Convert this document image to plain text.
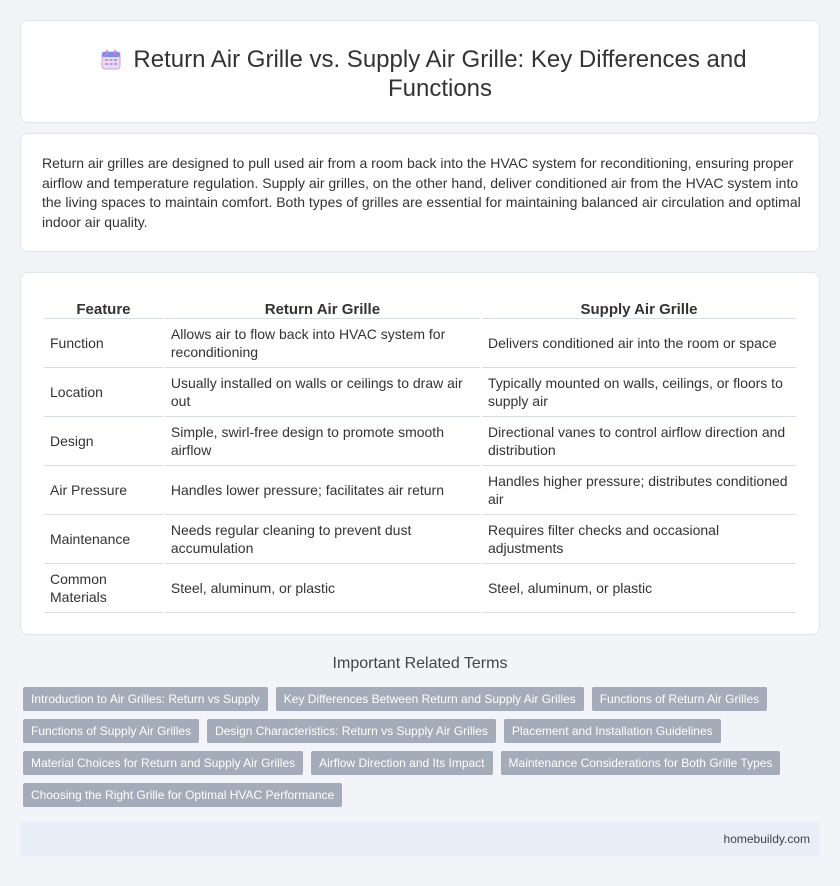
Return Air Grille vs. Supply Air Grille: Key Differences and Functions

Return air grilles are designed to pull used air from a room back into the HVAC system for reconditioning, ensuring proper airflow and temperature regulation. Supply air grilles, on the other hand, deliver conditioned air from the HVAC system into the living spaces to maintain comfort. Both types of grilles are essential for maintaining balanced air circulation and optimal indoor air quality.

Feature	Return Air Grille	Supply Air Grille
Function	Allows air to flow back into HVAC system for reconditioning	Delivers conditioned air into the room or space
Location	Usually installed on walls or ceilings to draw air out	Typically mounted on walls, ceilings, or floors to supply air
Design	Simple, swirl-free design to promote smooth airflow	Directional vanes to control airflow direction and distribution
Air Pressure	Handles lower pressure; facilitates air return	Handles higher pressure; distributes conditioned air
Maintenance	Needs regular cleaning to prevent dust accumulation	Requires filter checks and occasional adjustments
Common Materials	Steel, aluminum, or plastic	Steel, aluminum, or plastic
Important Related Terms
Introduction to Air Grilles: Return vs Supply	Key Differences Between Return and Supply Air Grilles	Functions of Return Air Grilles
Functions of Supply Air Grilles	Design Characteristics: Return vs Supply Air Grilles	Placement and Installation Guidelines
Material Choices for Return and Supply Air Grilles	Airflow Direction and Its Impact	Maintenance Considerations for Both Grille Types
Choosing the Right Grille for Optimal HVAC Performance
homebuildy.com
